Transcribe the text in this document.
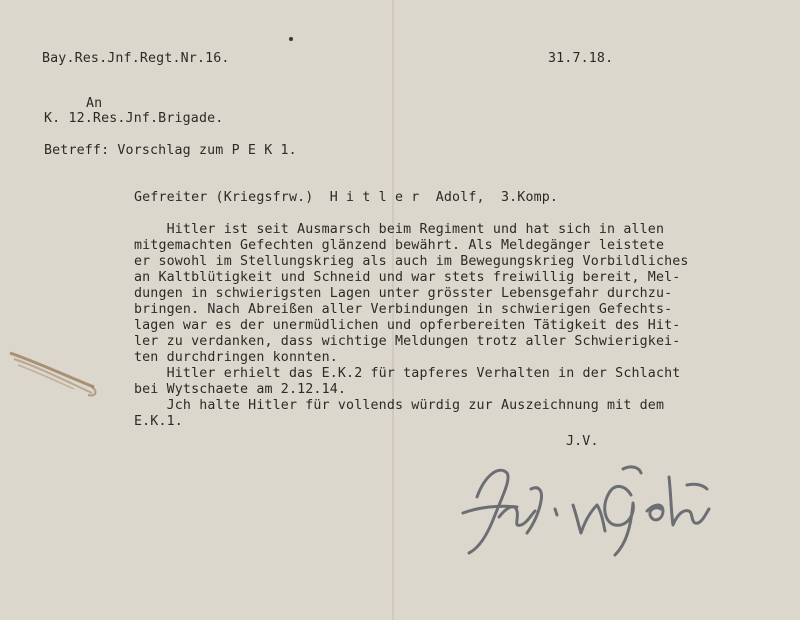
Bay.Res.Jnf.Regt.Nr.16.	31.7.18.
An
K. 12.Res.Jnf.Brigade.
Betreff: Vorschlag zum P E K 1.
Gefreiter (Kriegsfrw.)  H i t l e r  Adolf,  3.Komp.
Hitler ist seit Ausmarsch beim Regiment und hat sich in allen
mitgemachten Gefechten glänzend bewährt. Als Meldegänger leistete
er sowohl im Stellungskrieg als auch im Bewegungskrieg Vorbildliches
an Kaltblütigkeit und Schneid und war stets freiwillig bereit, Mel-
dungen in schwierigsten Lagen unter grösster Lebensgefahr durchzu-
bringen. Nach Abreißen aller Verbindungen in schwierigen Gefechts-
lagen war es der unermüdlichen und opferbereiten Tätigkeit des Hit-
ler zu verdanken, dass wichtige Meldungen trotz aller Schwierigkei-
ten durchdringen konnten.
Hitler erhielt das E.K.2 für tapferes Verhalten in der Schlacht
bei Wytschaete am 2.12.14.
Jch halte Hitler für vollends würdig zur Auszeichnung mit dem
E.K.1.
J.V.
